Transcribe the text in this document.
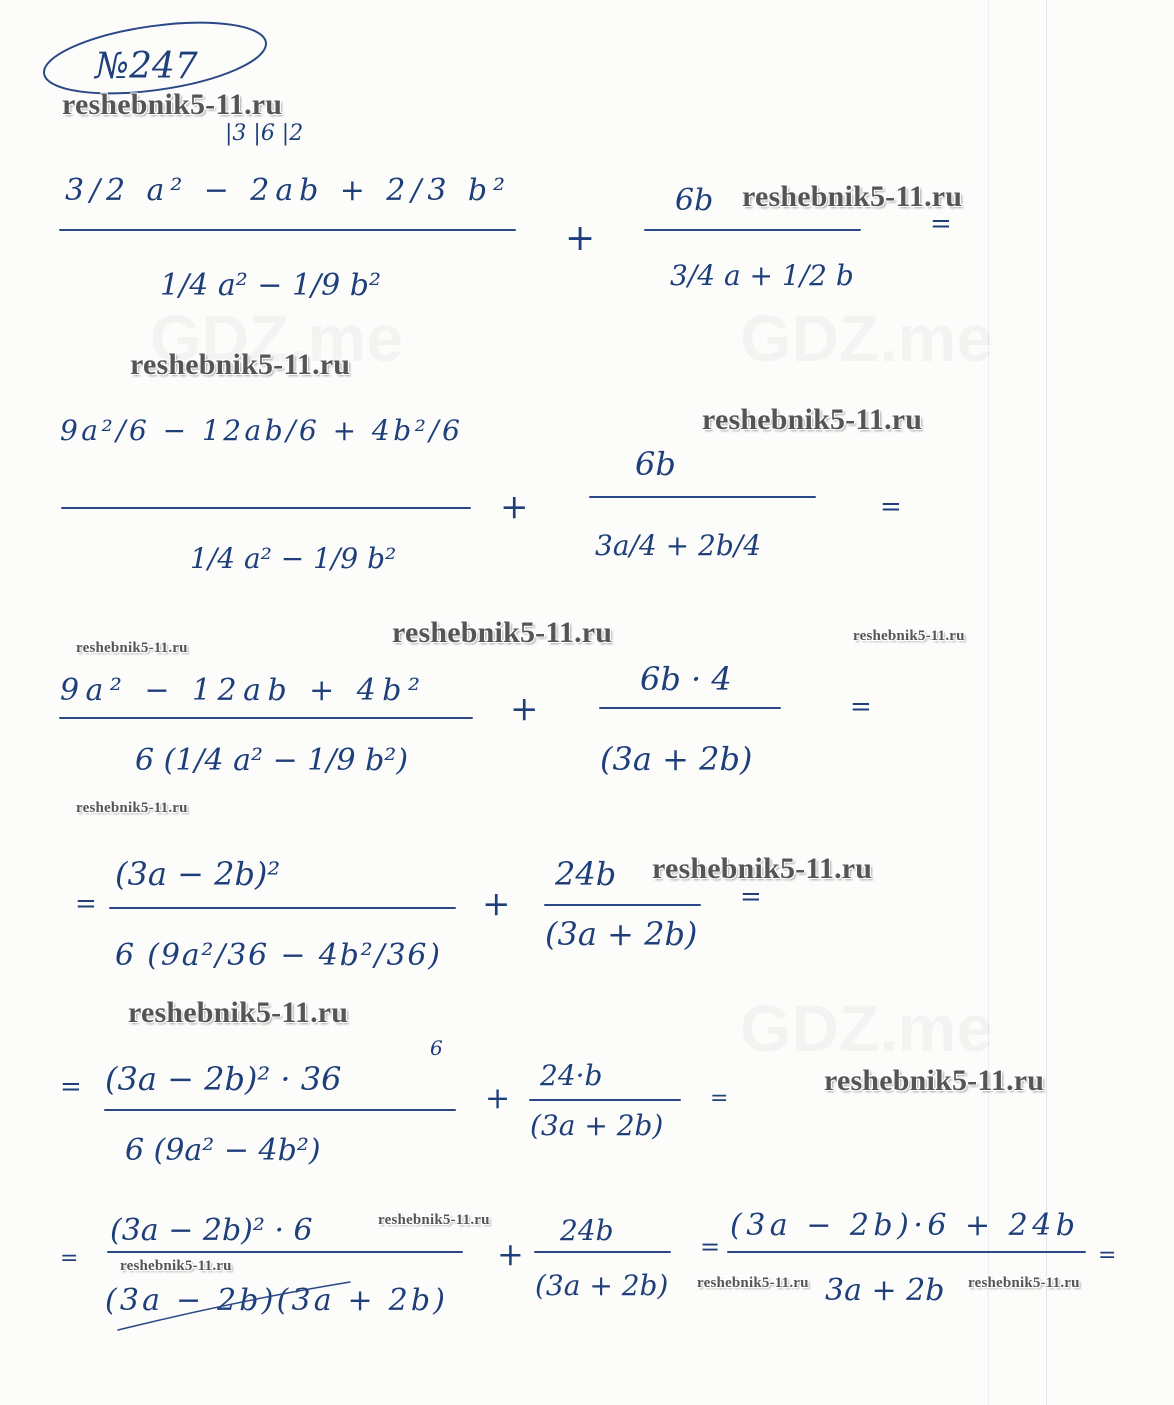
№247
|3 |6 |2
3/2 a² − 2ab + 2/3 b²
1/4 a² − 1/9 b²
+
6b
3/4 a + 1/2 b
=
9a²/6 − 12ab/6 + 4b²/6
1/4 a² − 1/9 b²
+
6b
3a/4 + 2b/4
=
9a² − 12ab + 4b²
6 (1/4 a² − 1/9 b²)
+
6b · 4
(3a + 2b)
=
=
(3a − 2b)²
6 (9a²/36 − 4b²/36)
+
24b
(3a + 2b)
=
=
6
(3a − 2b)² · 36
6 (9a² − 4b²)
+
24·b
(3a + 2b)
=
=
(3a − 2b)² · 6
(3a − 2b)(3a + 2b)
+
24b
(3a + 2b)
=
(3a − 2b)·6 + 24b
3a + 2b
=
reshebnik5-11.ru
reshebnik5-11.ru
reshebnik5-11.ru
reshebnik5-11.ru
reshebnik5-11.ru	reshebnik5-11.ru	reshebnik5-11.ru
reshebnik5-11.ru
reshebnik5-11.ru
reshebnik5-11.ru
reshebnik5-11.ru
reshebnik5-11.ru
reshebnik5-11.ru
reshebnik5-11.ru	reshebnik5-11.ru
